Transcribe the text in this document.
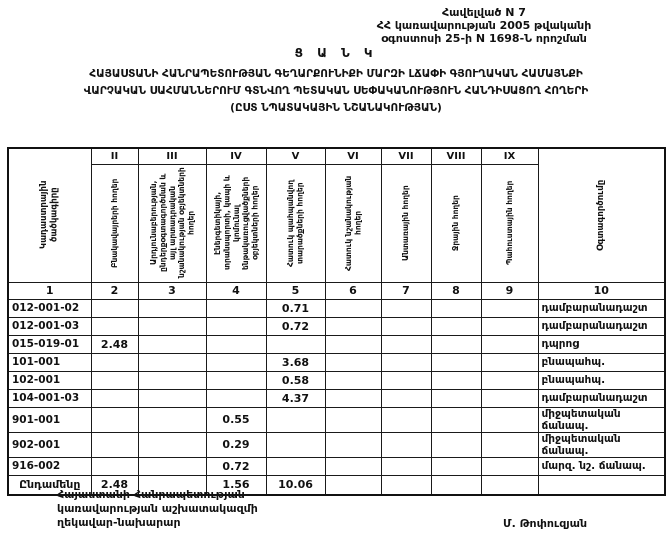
Հավելված N 7
ՀՀ կառավարության 2005 թվականի
օգոստոսի 25-ի N 1698-Ն որոշման
Ց Ա Ն Կ
ՀԱՅԱՍՏԱՆԻ ՀԱՆՐԱՊԵՏՈՒԹՅԱՆ ԳԵՂԱՐՔՈՒՆԻՔԻ ՄԱՐԶԻ ԼՃԱՓԻ ԳՅՈՒՂԱԿԱՆ ՀԱՄԱՅՆՔԻ
ՎԱՐՉԱԿԱՆ ՍԱՀՄԱՆՆԵՐՈՒՄ ԳՏՆՎՈՂ ՊԵՏԱԿԱՆ ՍԵՓԱԿԱՆՈՒԹՅՈՒՆ ՀԱՆԴԻՍԱՑՈՂ ՀՈՂԵՐԻ
(ԸՍՏ ՆՊԱՏԱԿԱՅԻՆ ՆՇԱՆԱԿՈՒԹՅԱՆ)
Կադաստրային ծածկագիրը	II	III	IV	V	VI	VII	VIII	IX	Օգտագործումը

	Բնակավայրերի հողեր	Արդյունաբերության, ընդերքօգտագործման և այլ արտադրական նշանակության օբյեկտների հողեր	Էներգետիկայի, տրանսպորտի, կապի և կոմունալ ենթակառուցվածքների օբյեկտների հողեր	Հատուկ պահպանվող տարածքների հողեր	Հատուկ նշանակության հողեր	Անտառային հողեր	Ջրային հողեր	Պահուստային հողեր	

1	2	3	4	5	6	7	8	9	10
012-001-02				0.71					դամբարանադաշտ
012-001-03				0.72					դամբարանադաշտ
015-019-01	2.48								դպրոց
101-001				3.68					բնապահպ.
102-001				0.58					բնապահպ.
104-001-03				4.37					դամբարանադաշտ
901-001			0.55						միջպետական ճանապ.
902-001			0.29						միջպետական ճանապ.
916-002			0.72						մարզ. նշ. ճանապ.
Ընդամենը	2.48		1.56	10.06					
Հայաստանի Հանրապետության
կառավարության աշխատակազմի
ղեկավար-նախարար	Մ. Թոփուզյան
